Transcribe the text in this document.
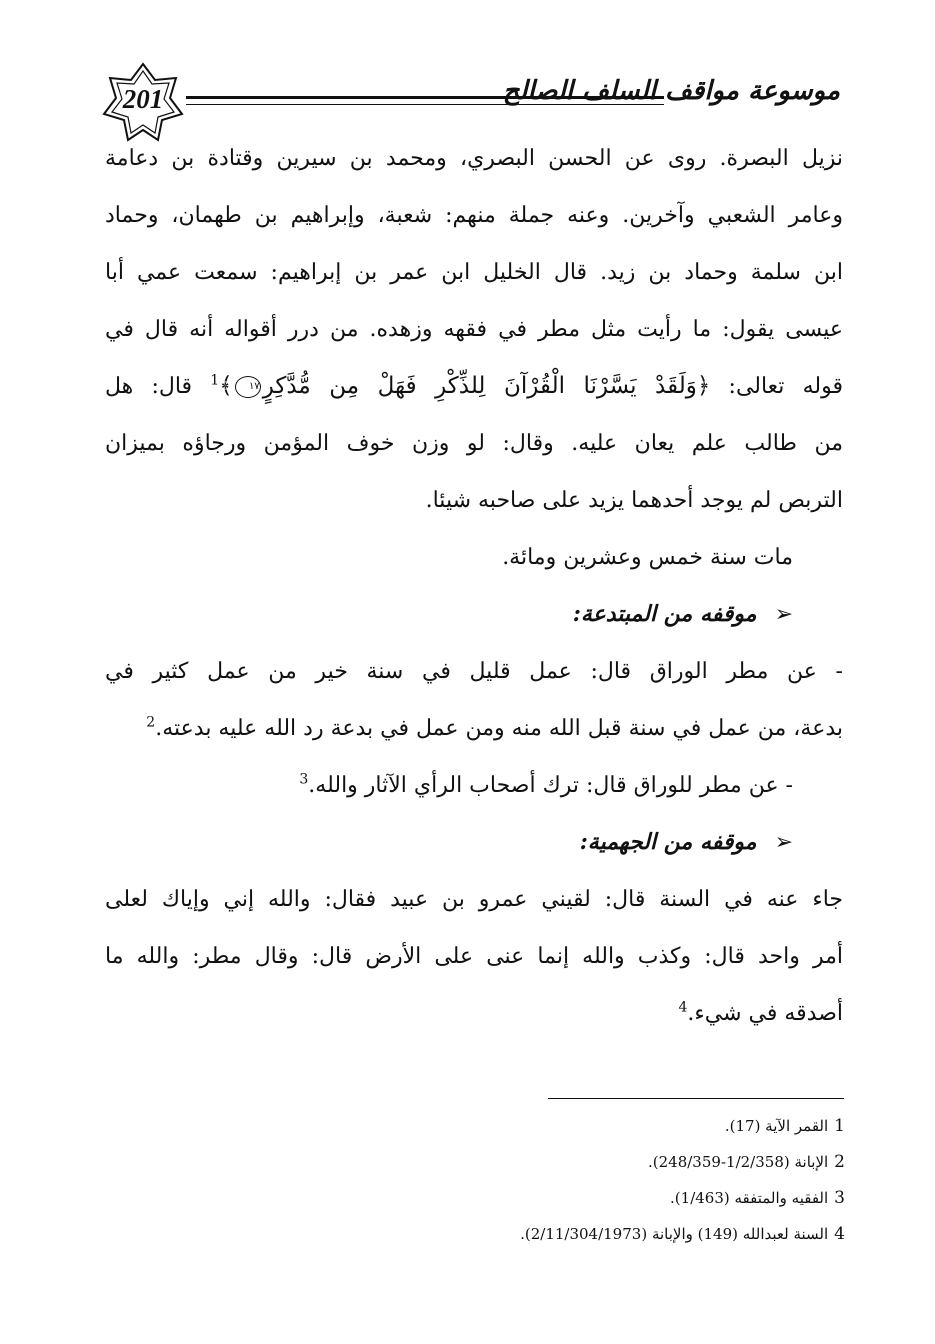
201	موسوعة مواقف السلف الصالح
نزيل البصرة. روى عن الحسن البصري، ومحمد بن سيرين وقتادة بن دعامة
وعامر الشعبي وآخرين. وعنه جملة منهم: شعبة، وإبراهيم بن طهمان، وحماد
ابن سلمة وحماد بن زيد. قال الخليل ابن عمر بن إبراهيم: سمعت عمي أبا
عيسى يقول: ما رأيت مثل مطر في فقهه وزهده. من درر أقواله أنه قال في
قوله تعالى: ﴿وَلَقَدْ يَسَّرْنَا الْقُرْآنَ لِلذِّكْرِ فَهَلْ مِن مُّدَّكِرٍ١٧﴾$^1$ قال: هل
من طالب علم يعان عليه. وقال: لو وزن خوف المؤمن ورجاؤه بميزان
التربص لم يوجد أحدهما يزيد على صاحبه شيئا.
مات سنة خمس وعشرين ومائة.
➢موقفه من المبتدعة:
- عن مطر الوراق قال: عمل قليل في سنة خير من عمل كثير في
بدعة، من عمل في سنة قبل الله منه ومن عمل في بدعة رد الله عليه بدعته.$^2$
- عن مطر للوراق قال: ترك أصحاب الرأي الآثار والله.$^3$
➢موقفه من الجهمية:
جاء عنه في السنة قال: لقيني عمرو بن عبيد فقال: والله إني وإياك لعلى
أمر واحد قال: وكذب والله إنما عنى على الأرض قال: وقال مطر: والله ما
أصدقه في شيء.$^4$
1القمر الآية (17).
2الإبانة (1/2/358-248/359).
3الفقيه والمتفقه (1/463).
4السنة لعبدالله (149) والإبانة (2/11/304/1973).
